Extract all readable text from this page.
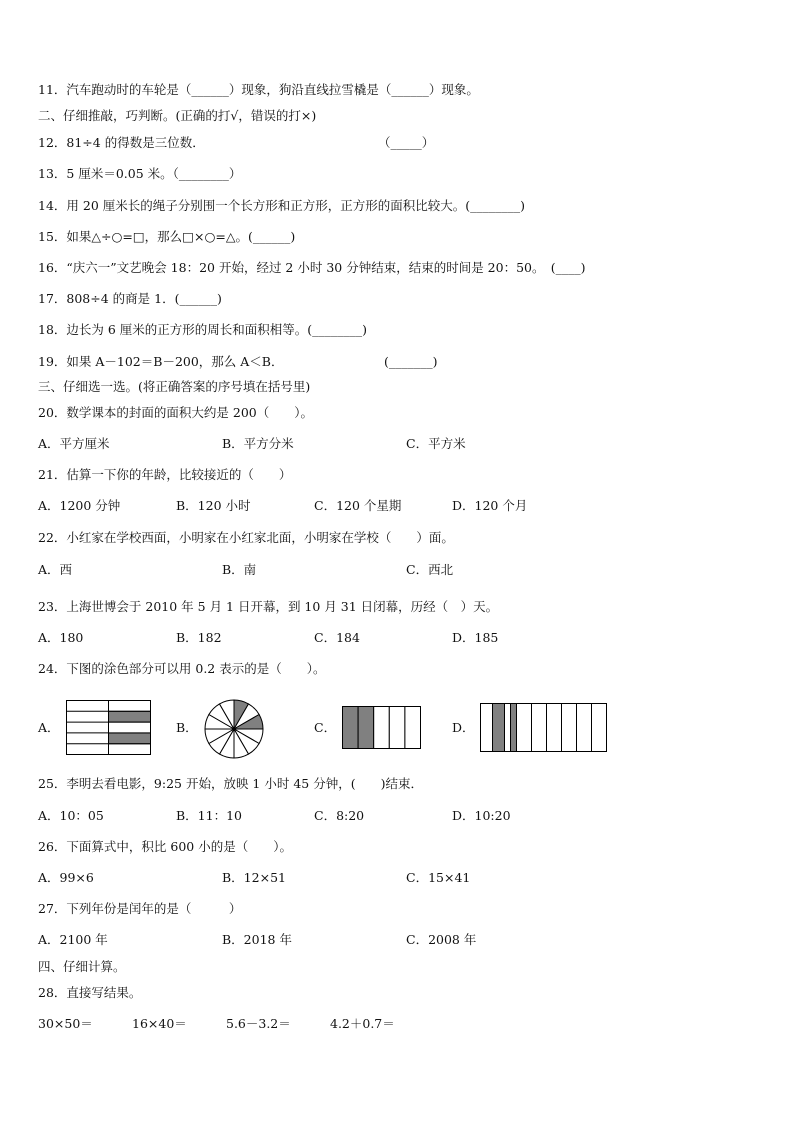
11．汽车跑动时的车轮是（______）现象，狗沿直线拉雪橇是（______）现象。
二、仔细推敲，巧判断。(正确的打√，错误的打×)
12．81÷4 的得数是三位数．	（_____）
13．5 厘米＝0.05 米。（________）
14．用 20 厘米长的绳子分别围一个长方形和正方形，正方形的面积比较大。(________)
15．如果△÷○=□，那么□×○=△。(______)
16．“庆六一”文艺晚会 18：20 开始，经过 2 小时 30 分钟结束，结束的时间是 20：50。　(____)
17．808÷4 的商是 1．(______)
18．边长为 6 厘米的正方形的周长和面积相等。(________)
19．如果 A－102＝B－200，那么 A＜B．	(_______)
三、仔细选一选。(将正确答案的序号填在括号里)
20．数学课本的封面的面积大约是 200（　　）。
A．平方厘米	B．平方分米	C．平方米
21．估算一下你的年龄，比较接近的（　　）
A．1200 分钟	B．120 小时	C．120 个星期	D．120 个月
22．小红家在学校西面，小明家在小红家北面，小明家在学校（　　）面。
A．西	B．南	C．西北
23．上海世博会于 2010 年 5 月 1 日开幕，到 10 月 31 日闭幕，历经（　）天。
A．180	B．182	C．184	D．185
24．下图的涂色部分可以用 0.2 表示的是（　　）。
A．	B．	C．	D．
25．李明去看电影，9:25 开始，放映 1 小时 45 分钟，(　　)结束．
A．10：05	B．11：10	C．8:20	D．10:20
26．下面算式中，积比 600 小的是（　　）。
A．99×6	B．12×51	C．15×41
27．下列年份是闰年的是（　　　）
A．2100 年	B．2018 年	C．2008 年
四、仔细计算。
28．直接写结果。
30×50＝	16×40＝	5.6－3.2＝	4.2＋0.7＝
